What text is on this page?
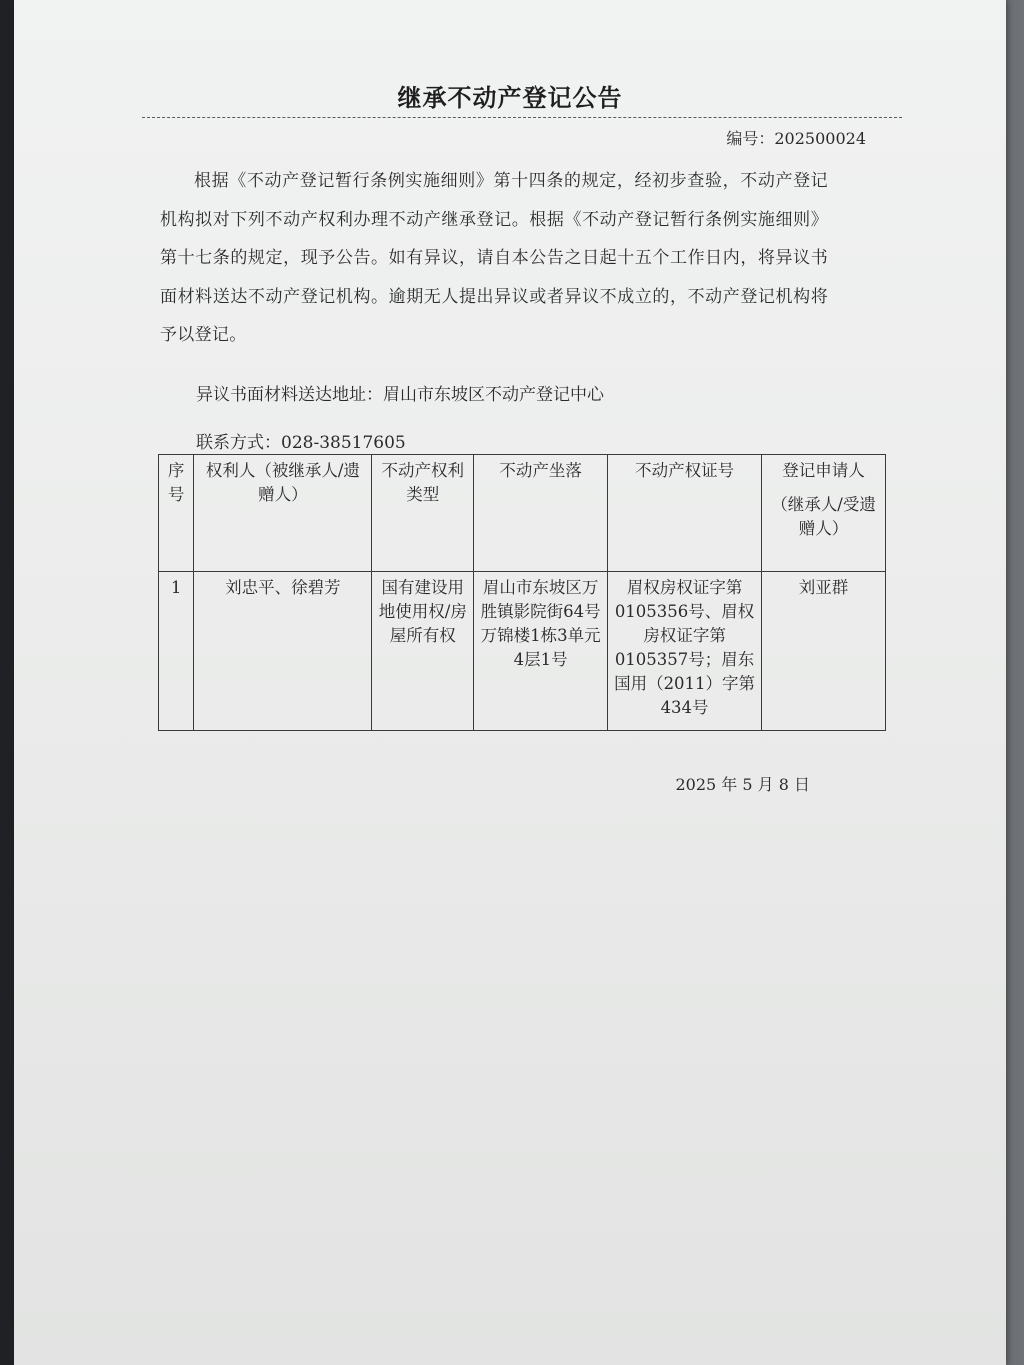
继承不动产登记公告
编号：202500024
根据《不动产登记暂行条例实施细则》第十四条的规定，经初步查验，不动产登记机构拟对下列不动产权利办理不动产继承登记。根据《不动产登记暂行条例实施细则》第十七条的规定，现予公告。如有异议，请自本公告之日起十五个工作日内，将异议书面材料送达不动产登记机构。逾期无人提出异议或者异议不成立的，不动产登记机构将予以登记。
异议书面材料送达地址：眉山市东坡区不动产登记中心
联系方式：028-38517605
序号	权利人（被继承人/遗赠人）	不动产权利类型	不动产坐落	不动产权证号	登记申请人
（继承人/受遗赠人）

1	刘忠平、徐碧芳	国有建设用地使用权/房屋所有权	眉山市东坡区万胜镇影院街64号万锦楼1栋3单元4层1号	眉权房权证字第0105356号、眉权房权证字第0105357号；眉东国用（2011）字第434号	刘亚群
2025 年 5 月 8 日
